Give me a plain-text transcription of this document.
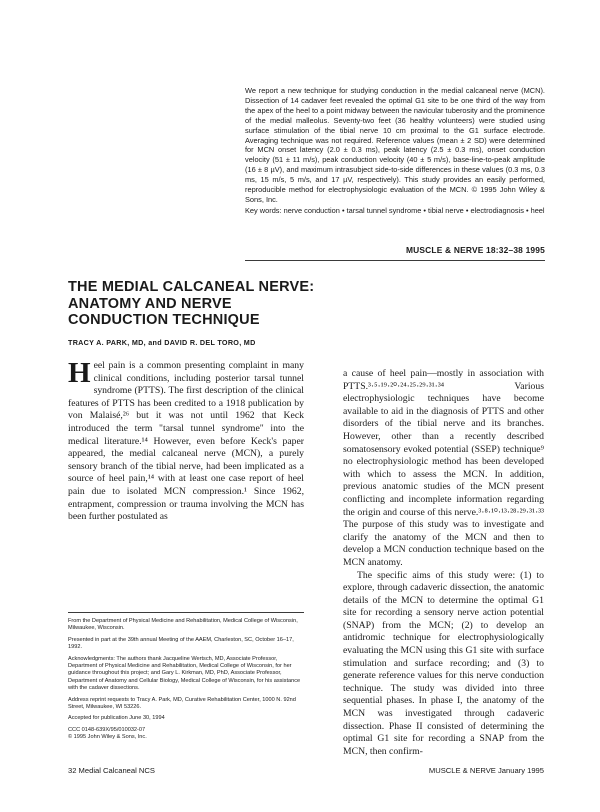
We report a new technique for studying conduction in the medial calcaneal nerve (MCN). Dissection of 14 cadaver feet revealed the optimal G1 site to be one third of the way from the apex of the heel to a point midway between the navicular tuberosity and the prominence of the medial malleolus. Seventy-two feet (36 healthy volunteers) were studied using surface stimulation of the tibial nerve 10 cm proximal to the G1 surface electrode. Averaging technique was not required. Reference values (mean ± 2 SD) were determined for MCN onset latency (2.0 ± 0.3 ms), peak latency (2.5 ± 0.3 ms), onset conduction velocity (51 ± 11 m/s), peak conduction velocity (40 ± 5 m/s), base-line-to-peak amplitude (16 ± 8 µV), and maximum intrasubject side-to-side differences in these values (0.3 ms, 0.3 ms, 15 m/s, 5 m/s, and 17 µV, respectively). This study provides an easily performed, reproducible method for electrophysiologic evaluation of the MCN. © 1995 John Wiley & Sons, Inc.

Key words: nerve conduction • tarsal tunnel syndrome • tibial nerve • electrodiagnosis • heel
MUSCLE & NERVE 18:32–38 1995
THE MEDIAL CALCANEAL NERVE:
ANATOMY AND NERVE
CONDUCTION TECHNIQUE
TRACY A. PARK, MD, and DAVID R. DEL TORO, MD

Heel pain is a common presenting complaint in many clinical conditions, including posterior tarsal tunnel syndrome (PTTS). The first description of the clinical features of PTTS has been credited to a 1918 publication by von Malaisé,²⁶ but it was not until 1962 that Keck introduced the term "tarsal tunnel syndrome" into the medical literature.¹⁴ However, even before Keck's paper appeared, the medial calcaneal nerve (MCN), a purely sensory branch of the tibial nerve, had been implicated as a source of heel pain,¹⁴ with at least one case report of heel pain due to isolated MCN compression.¹ Since 1962, entrapment, compression or trauma involving the MCN has been further postulated as

a cause of heel pain—mostly in association with PTTS.³·⁵·¹⁹·²⁰·²⁴·²⁵·²⁹·³¹·³⁴ Various electrophysiologic techniques have become available to aid in the diagnosis of PTTS and other disorders of the tibial nerve and its branches. However, other than a recently described somatosensory evoked potential (SSEP) technique⁹ no electrophysiologic method has been developed with which to assess the MCN. In addition, previous anatomic studies of the MCN present conflicting and incomplete information regarding the origin and course of this nerve.³·⁸·¹⁰·¹³·²⁸·²⁹·³¹·³³ The purpose of this study was to investigate and clarify the anatomy of the MCN and then to develop a MCN conduction technique based on the MCN anatomy.

The specific aims of this study were: (1) to explore, through cadaveric dissection, the anatomic details of the MCN to determine the optimal G1 site for recording a sensory nerve action potential (SNAP) from the MCN; (2) to develop an antidromic technique for electrophysiologically evaluating the MCN using this G1 site with surface stimulation and surface recording; and (3) to generate reference values for this nerve conduction technique. The study was divided into three sequential phases. In phase I, the anatomy of the MCN was investigated through cadaveric dissection. Phase II consisted of determining the optimal G1 site for recording a SNAP from the MCN, then confirm-

From the Department of Physical Medicine and Rehabilitation, Medical College of Wisconsin, Milwaukee, Wisconsin.

Presented in part at the 39th annual Meeting of the AAEM, Charleston, SC, October 16–17, 1992.

Acknowledgments: The authors thank Jacqueline Wertsch, MD, Associate Professor, Department of Physical Medicine and Rehabilitation, Medical College of Wisconsin, for her guidance throughout this project; and Gary L. Kirkman, MD, PhD, Associate Professor, Department of Anatomy and Cellular Biology, Medical College of Wisconsin, for his assistance with the cadaver dissections.

Address reprint requests to Tracy A. Park, MD, Curative Rehabilitation Center, 1000 N. 92nd Street, Milwaukee, WI 53226.

Accepted for publication June 30, 1994

CCC 0148-639X/95/010032-07
© 1995 John Wiley & Sons, Inc.

32 Medial Calcaneal NCS	MUSCLE & NERVE January 1995
